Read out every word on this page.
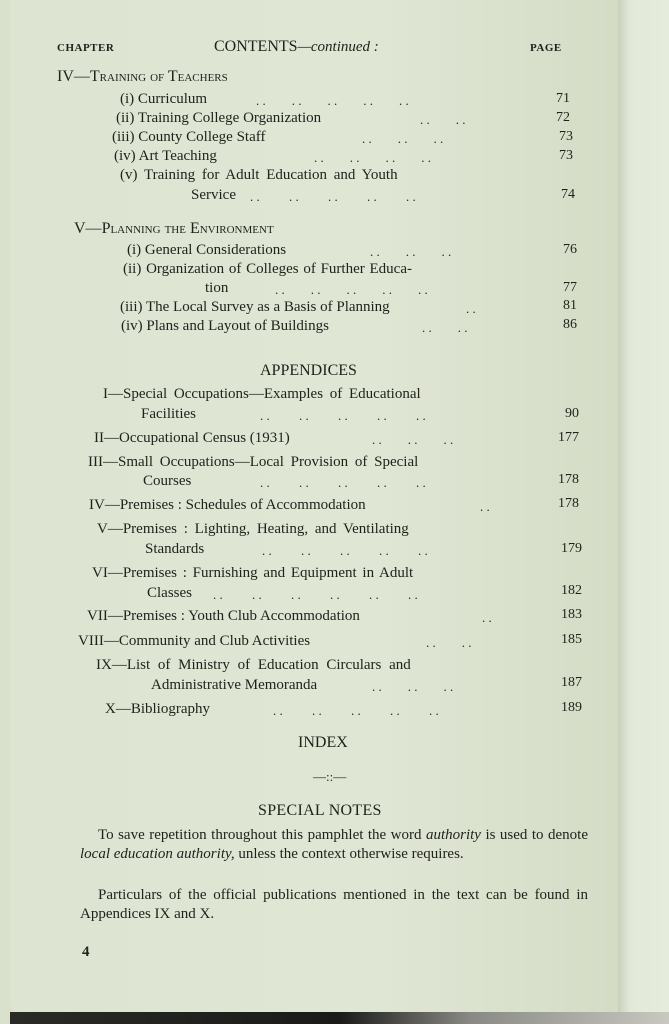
CHAPTER	CONTENTS—continued :	PAGE
IV—Training of Teachers
(i) Curriculum	. .        . .        . .        . .        . .	71
(ii) Training College Organization	. .        . .	72
(iii) County College Staff	. .        . .        . .	73
(iv) Art Teaching	. .        . .        . .        . .	73
(v) Training for Adult Education and Youth
Service . .         . .         . .         . .         . .	74
V—Planning the Environment
(i) General Considerations	. .        . .        . .	76
(ii) Organization of Colleges of Further Educa-
tion	. .        . .        . .        . .        . .	77
(iii) The Local Survey as a Basis of Planning	. .	81
(iv) Plans and Layout of Buildings	. .        . .	86
APPENDICES
I—Special Occupations—Examples of Educational
Facilities	. .         . .         . .         . .         . .	90
II—Occupational Census (1931)	. .        . .        . .	177
III—Small Occupations—Local Provision of Special
Courses	. .         . .         . .         . .         . .	178
IV—Premises : Schedules of Accommodation	. .	178
V—Premises : Lighting, Heating, and Ventilating
Standards	. .         . .         . .         . .         . .	179
VI—Premises : Furnishing and Equipment in Adult
Classes . .         . .         . .         . .         . .         . .	182
VII—Premises : Youth Club Accommodation	. .	183
VIII—Community and Club Activities	. .        . .	185
IX—List of Ministry of Education Circulars and
Administrative Memoranda	. .        . .        . .	187
X—Bibliography	. .         . .         . .         . .         . .	189
INDEX
—::—
SPECIAL NOTES
To save repetition throughout this pamphlet the word authority is used to denote local education authority, unless the context otherwise requires.
Particulars of the official publications mentioned in the text can be found in Appendices IX and X.
4
